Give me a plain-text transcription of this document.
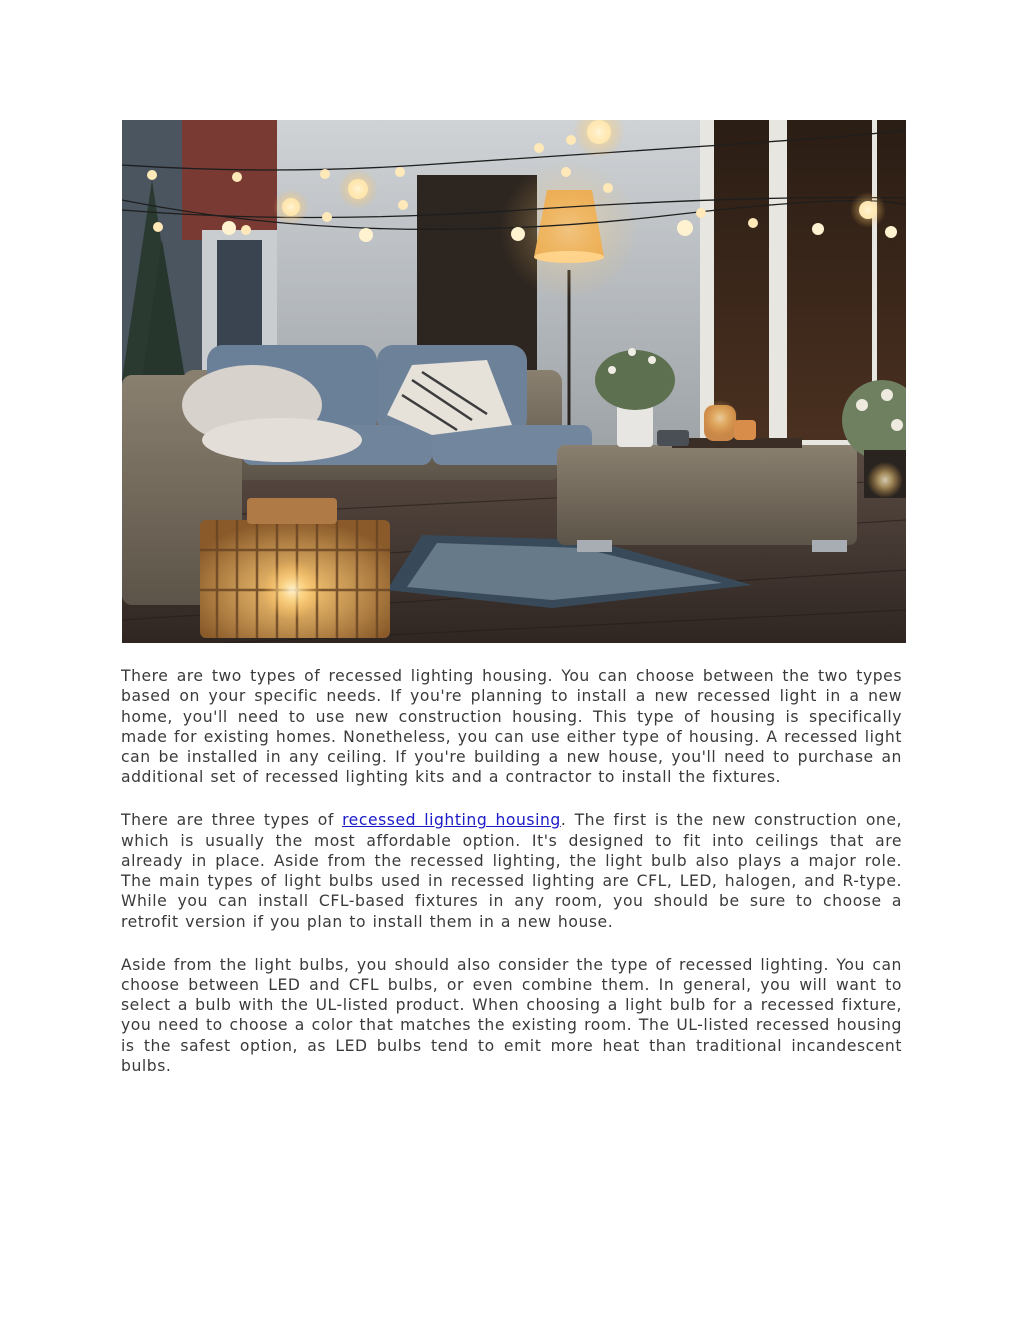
There are two types of recessed lighting housing. You can choose between the two types based on your specific needs. If you're planning to install a new recessed light in a new home, you'll need to use new construction housing. This type of housing is specifically made for existing homes. Nonetheless, you can use either type of housing. A recessed light can be installed in any ceiling. If you're building a new house, you'll need to purchase an additional set of recessed lighting kits and a contractor to install the fixtures.

There are three types of recessed lighting housing. The first is the new construction one, which is usually the most affordable option. It's designed to fit into ceilings that are already in place. Aside from the recessed lighting, the light bulb also plays a major role. The main types of light bulbs used in recessed lighting are CFL, LED, halogen, and R-type. While you can install CFL-based fixtures in any room, you should be sure to choose a retrofit version if you plan to install them in a new house.

Aside from the light bulbs, you should also consider the type of recessed lighting. You can choose between LED and CFL bulbs, or even combine them. In general, you will want to select a bulb with the UL-listed product. When choosing a light bulb for a recessed fixture, you need to choose a color that matches the existing room. The UL-listed recessed housing is the safest option, as LED bulbs tend to emit more heat than traditional incandescent bulbs.
